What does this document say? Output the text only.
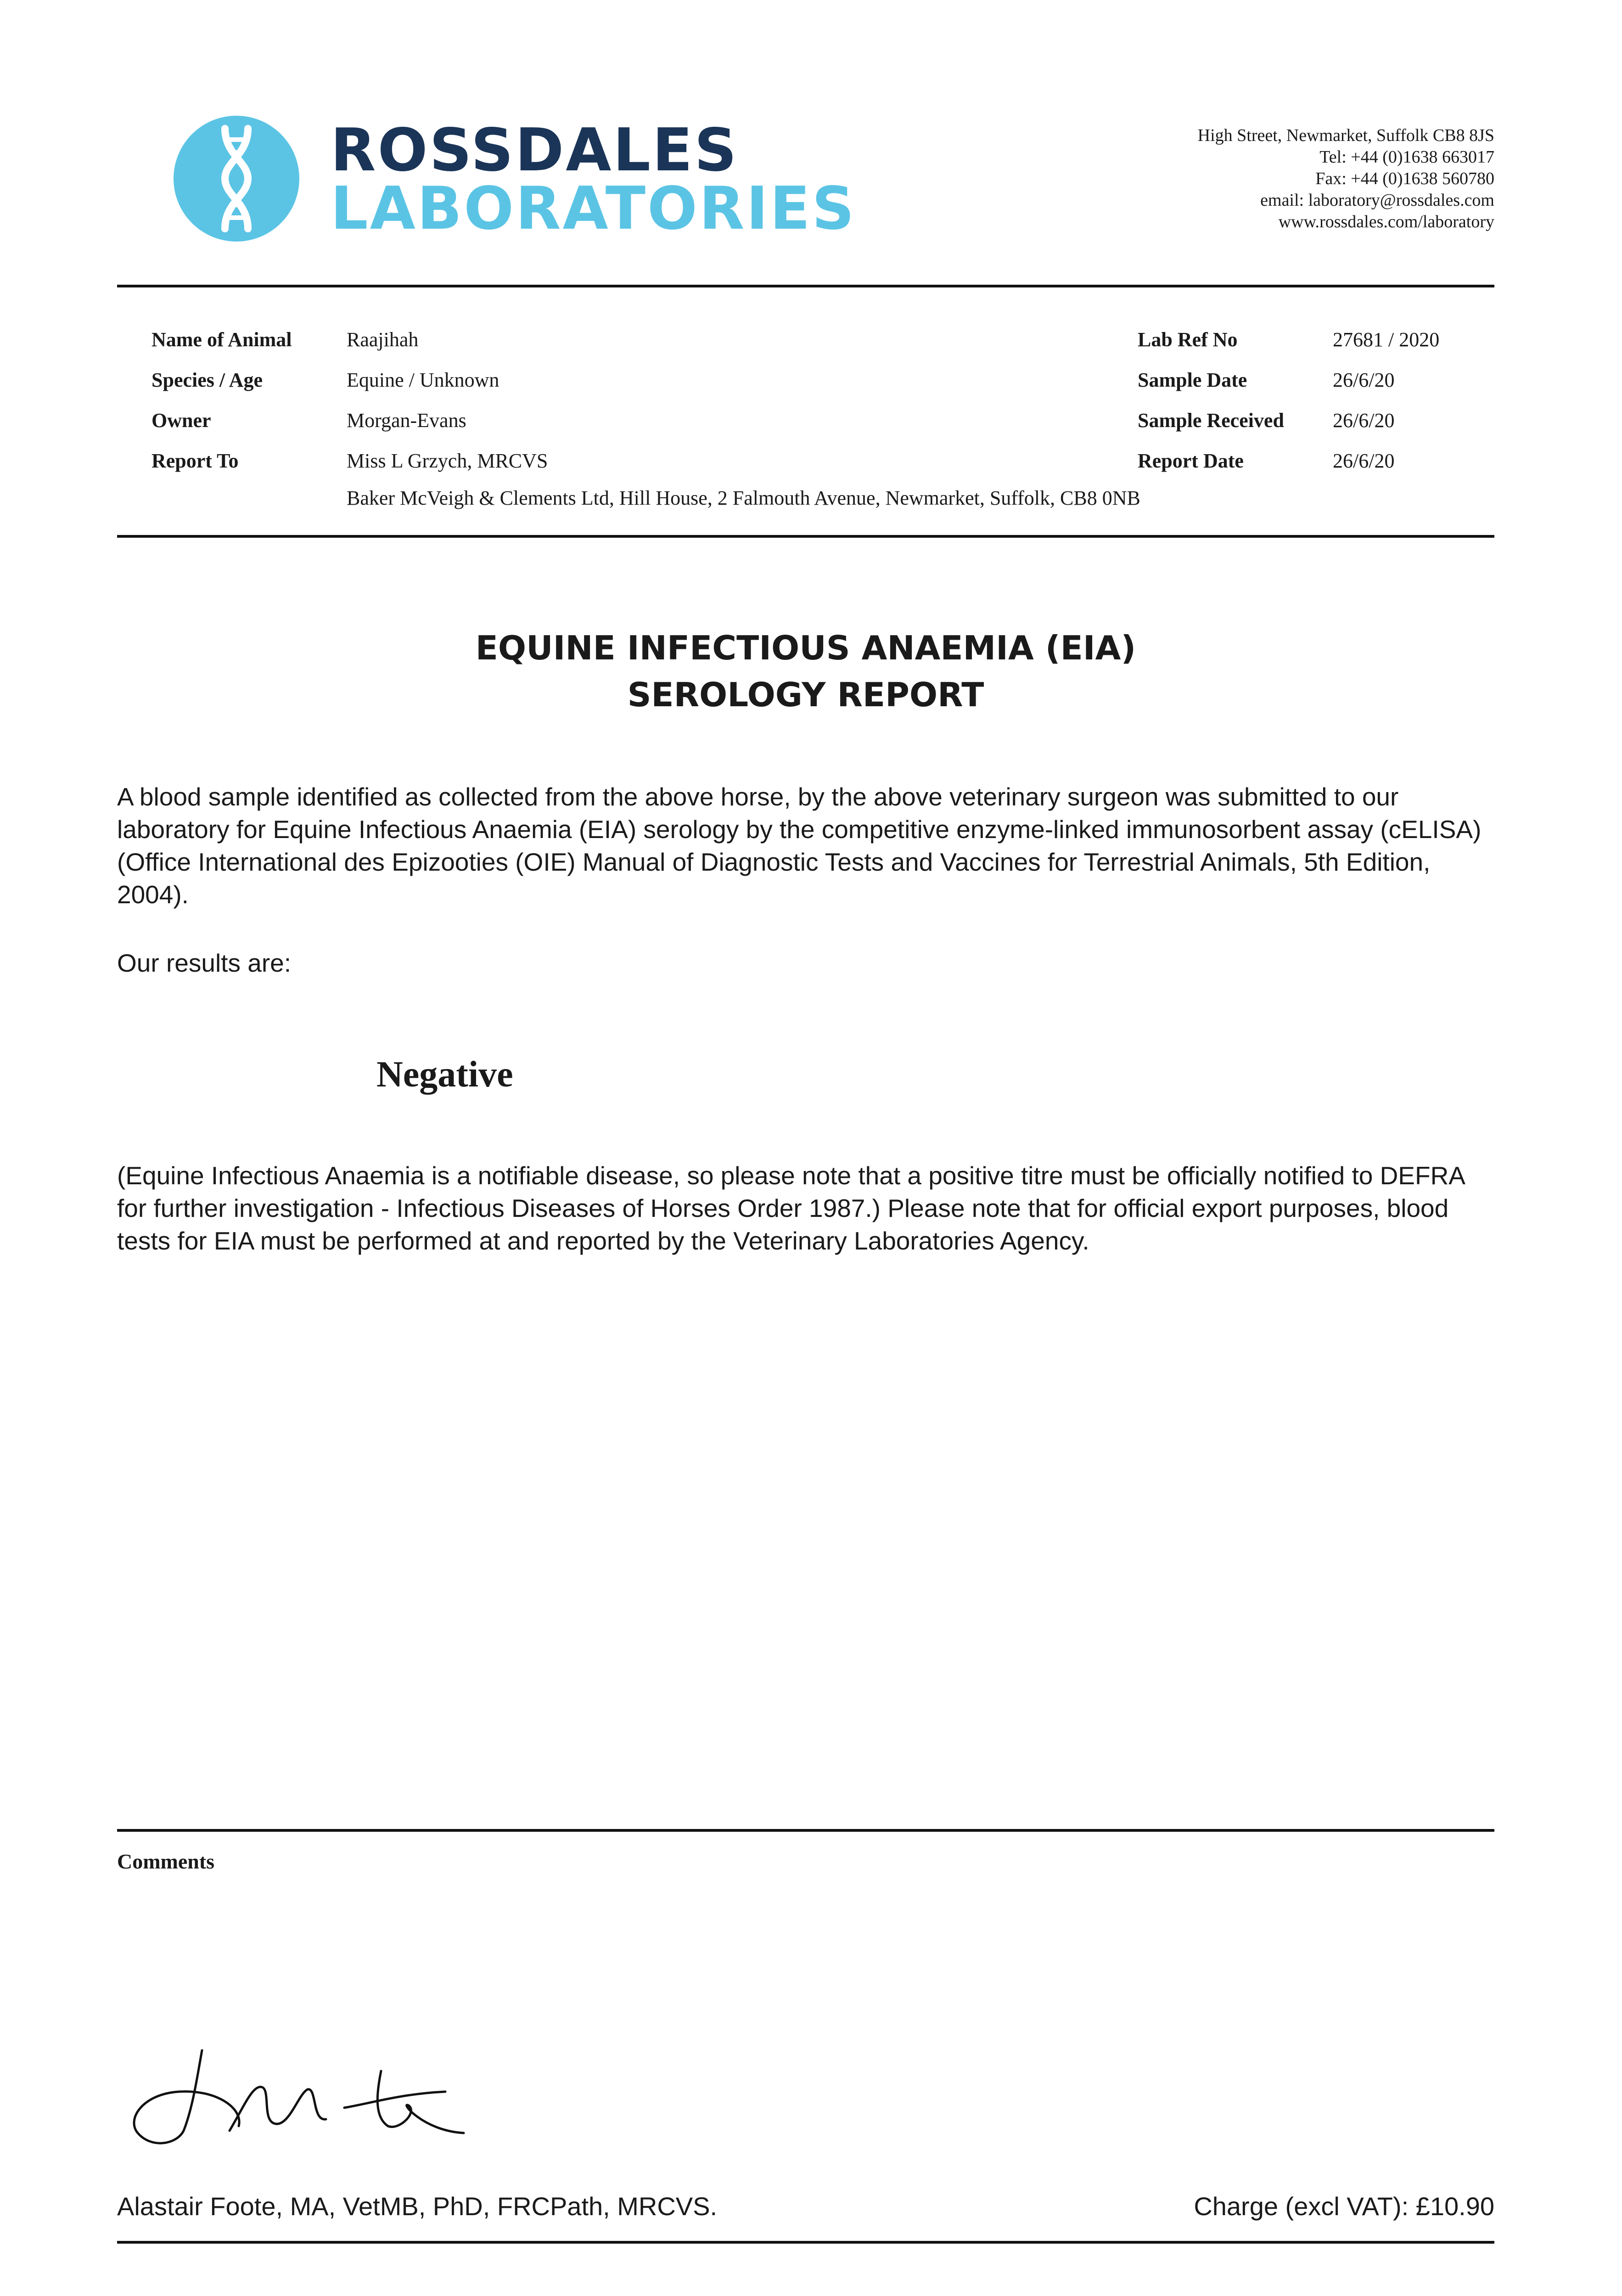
ROSSDALES
LABORATORIES
High Street, Newmarket, Suffolk CB8 8JS
Tel: +44 (0)1638 663017
Fax: +44 (0)1638 560780
email: laboratory@rossdales.com
www.rossdales.com/laboratory
Name of Animal	Raajihah
Species / Age	Equine / Unknown
Owner	Morgan-Evans
Report To	Miss L Grzych, MRCVS
Baker McVeigh & Clements Ltd, Hill House, 2 Falmouth Avenue, Newmarket, Suffolk, CB8 0NB
Lab Ref No	27681 / 2020
Sample Date	26/6/20
Sample Received 26/6/20
Report Date	26/6/20
EQUINE INFECTIOUS ANAEMIA (EIA)
SEROLOGY REPORT
A blood sample identified as collected from the above horse, by the above veterinary surgeon was submitted to our laboratory for Equine Infectious Anaemia (EIA) serology by the competitive enzyme-linked immunosorbent assay (cELISA) (Office International des Epizooties (OIE) Manual of Diagnostic Tests and Vaccines for Terrestrial Animals, 5th Edition, 2004).
Our results are:
Negative
(Equine Infectious Anaemia is a notifiable disease, so please note that a positive titre must be officially notified to DEFRA for further investigation - Infectious Diseases of Horses Order 1987.) Please note that for official export purposes, blood tests for EIA must be performed at and reported by the Veterinary Laboratories Agency.
Comments
Alastair Foote, MA, VetMB, PhD, FRCPath, MRCVS.	Charge (excl VAT): £10.90
